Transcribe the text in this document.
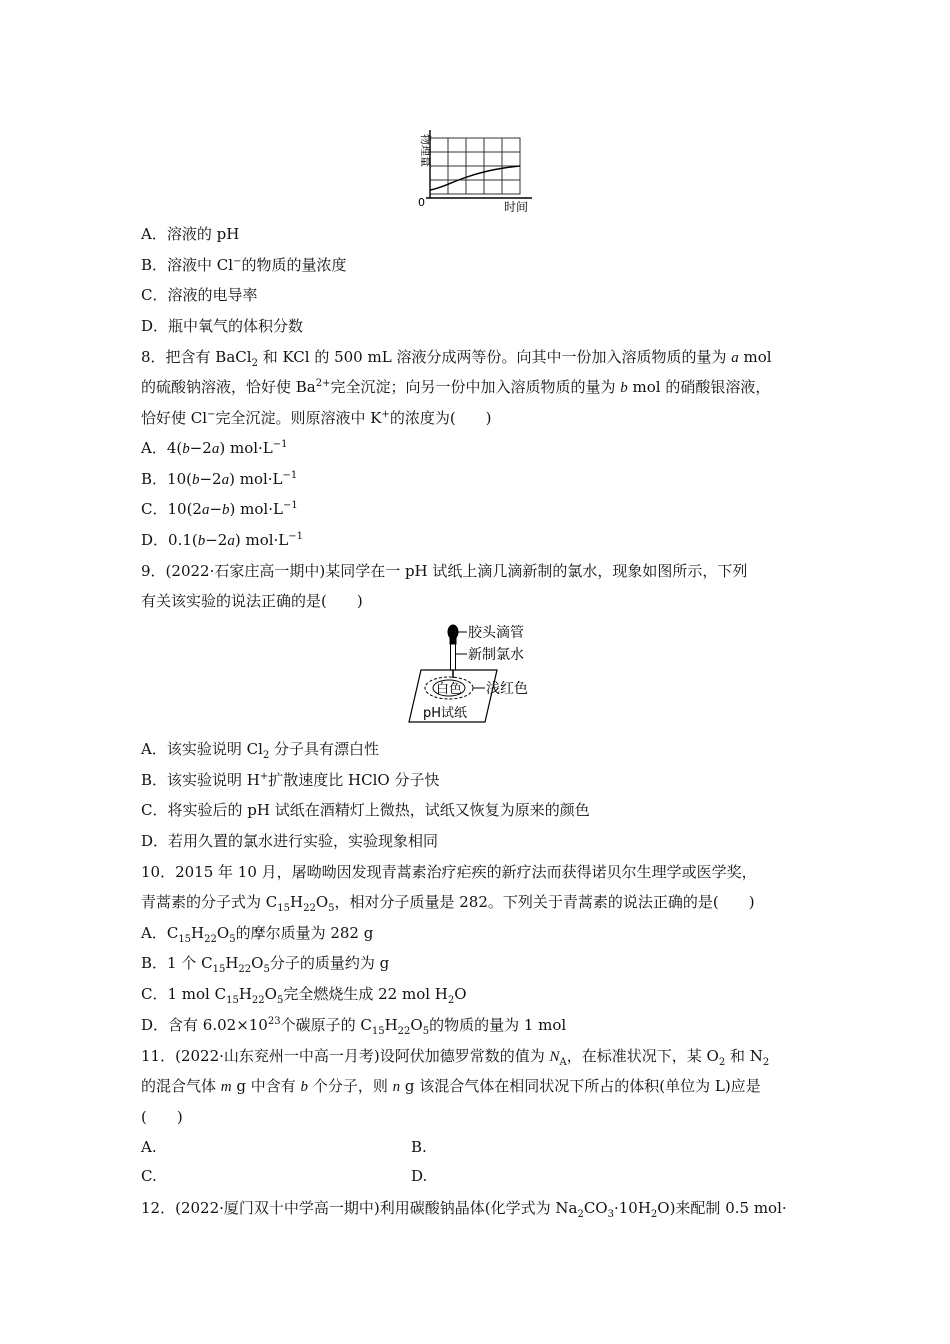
物理量
0	时间
A．溶液的 pH
B．溶液中 Cl−的物质的量浓度
C．溶液的电导率
D．瓶中氧气的体积分数
8．把含有 BaCl$_2$ 和 KCl 的 500 mL 溶液分成两等份。向其中一份加入溶质物质的量为 a mol
的硫酸钠溶液，恰好使 $Ba^{2+}$完全沉淀；向另一份中加入溶质物质的量为 b mol 的硝酸银溶液，
恰好使 Cl−完全沉淀。则原溶液中 K+的浓度为(　　)
A．4(b−2a) $mol\cdot L^{-1}$
B．10(b−2a) $mol\cdot L^{-1}$
C．10(2a−b) $mol\cdot L^{-1}$
D．0.1(b−2a) $mol\cdot L^{-1}$
9．(2022·石家庄高一期中)某同学在一 pH 试纸上滴几滴新制的氯水，现象如图所示，下列
有关该实验的说法正确的是(　　)
胶头滴管
新制氯水
白色 浅红色
pH试纸
A．该实验说明 $Cl_2$ 分子具有漂白性
B．该实验说明 H+扩散速度比 HClO 分子快
C．将实验后的 pH 试纸在酒精灯上微热，试纸又恢复为原来的颜色
D．若用久置的氯水进行实验，实验现象相同
10．2015 年 10 月，屠呦呦因发现青蒿素治疗疟疾的新疗法而获得诺贝尔生理学或医学奖，
青蒿素的分子式为 $C_{15}H_{22}O_5$，相对分子质量是 282。下列关于青蒿素的说法正确的是(　　)
A．$C_{15}H_{22}O_5$的摩尔质量为 282 g
B．1 个 $C_{15}H_{22}O_5$分子的质量约为 g
C．1 mol $C_{15}H_{22}O_5$完全燃烧生成 22 mol $H_2O$
D．含有 $6.02\times 10^{23}$个碳原子的 $C_{15}H_{22}O_5$的物质的量为 1 mol
11．(2022·山东兖州一中高一月考)设阿伏加德罗常数的值为 $N_A$，在标准状况下，某 $O_2$ 和 $N_2$
的混合气体 m g 中含有 b 个分子，则 n g 该混合气体在相同状况下所占的体积(单位为 L)应是
(　　)
A.	B.
C.	D.
12．(2022·厦门双十中学高一期中)利用碳酸钠晶体(化学式为 $Na_2CO_3\cdot 10H_2O$)来配制 0.5 mol·
